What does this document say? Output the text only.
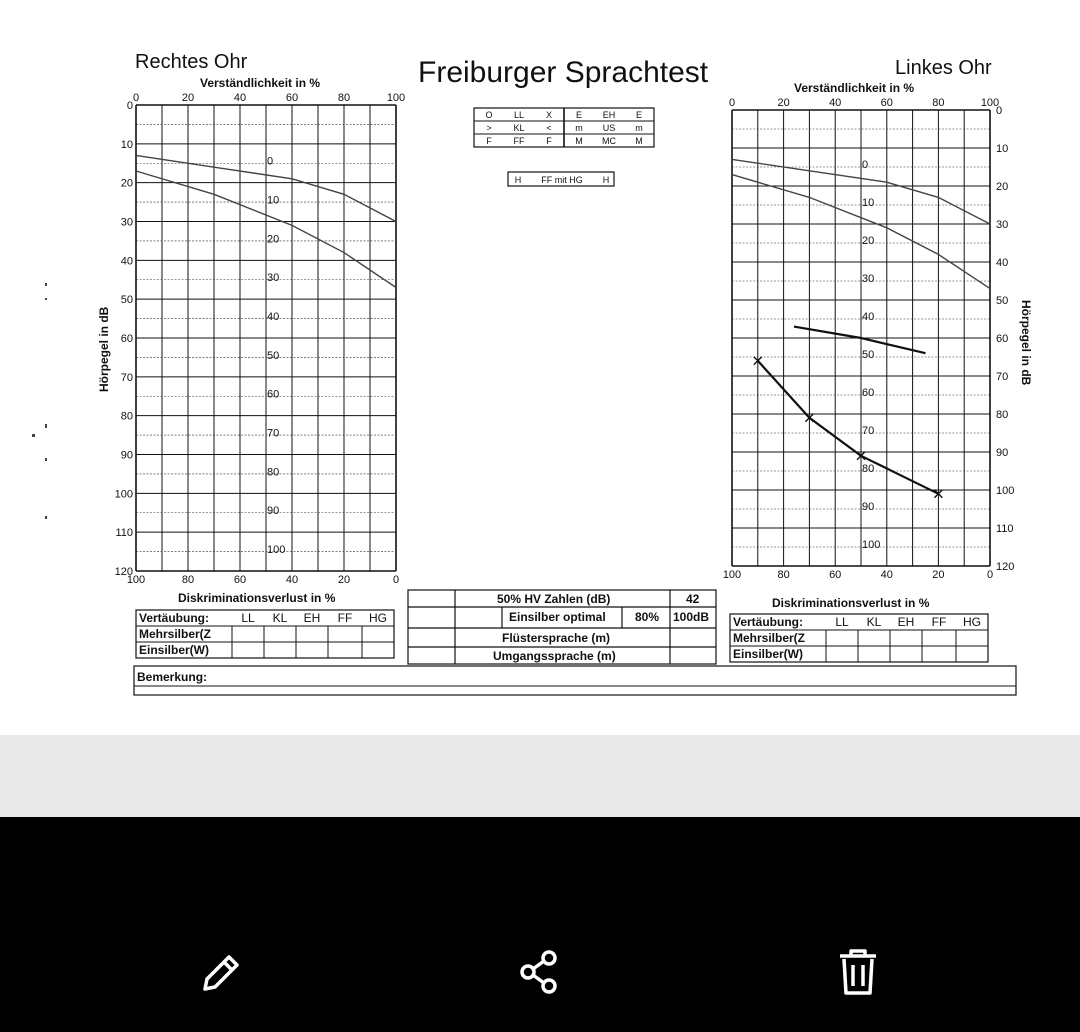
Rechtes Ohr	Freiburger Sprachtest	Linkes Ohr
Verständlichkeit in %	Verständlichkeit in %
Diskriminationsverlust in %	Diskriminationsverlust in %
Hörpegel in dB	Hörpegel in dB
0	20	40	60	80	100
100	80	60	40	20	0
0
10
20
30
40
50
60
70
80
90
100
110
120
0
10
20
30
40
50
60
70
80
90
100
0	20	40	60	80	100
100	80	60	40	20	0
0
10
20
30
40
50
60
70
80
90
100
110
120
0
10
20
30
40
50
60
70
80
90
100
O LL X	E EH E
> KL <	m US m
F FF F	M MC M
H FF mit HG H
50% HV Zahlen (dB)	42
Einsilber optimal 80% 100dB
Flüstersprache (m)
Umgangssprache (m)
Vertäubung:	LL KL EH FF HG
Mehrsilber(Z
Einsilber(W)
Vertäubung:	LL KL EH FF HG
Mehrsilber(Z
Einsilber(W)
Bemerkung:
